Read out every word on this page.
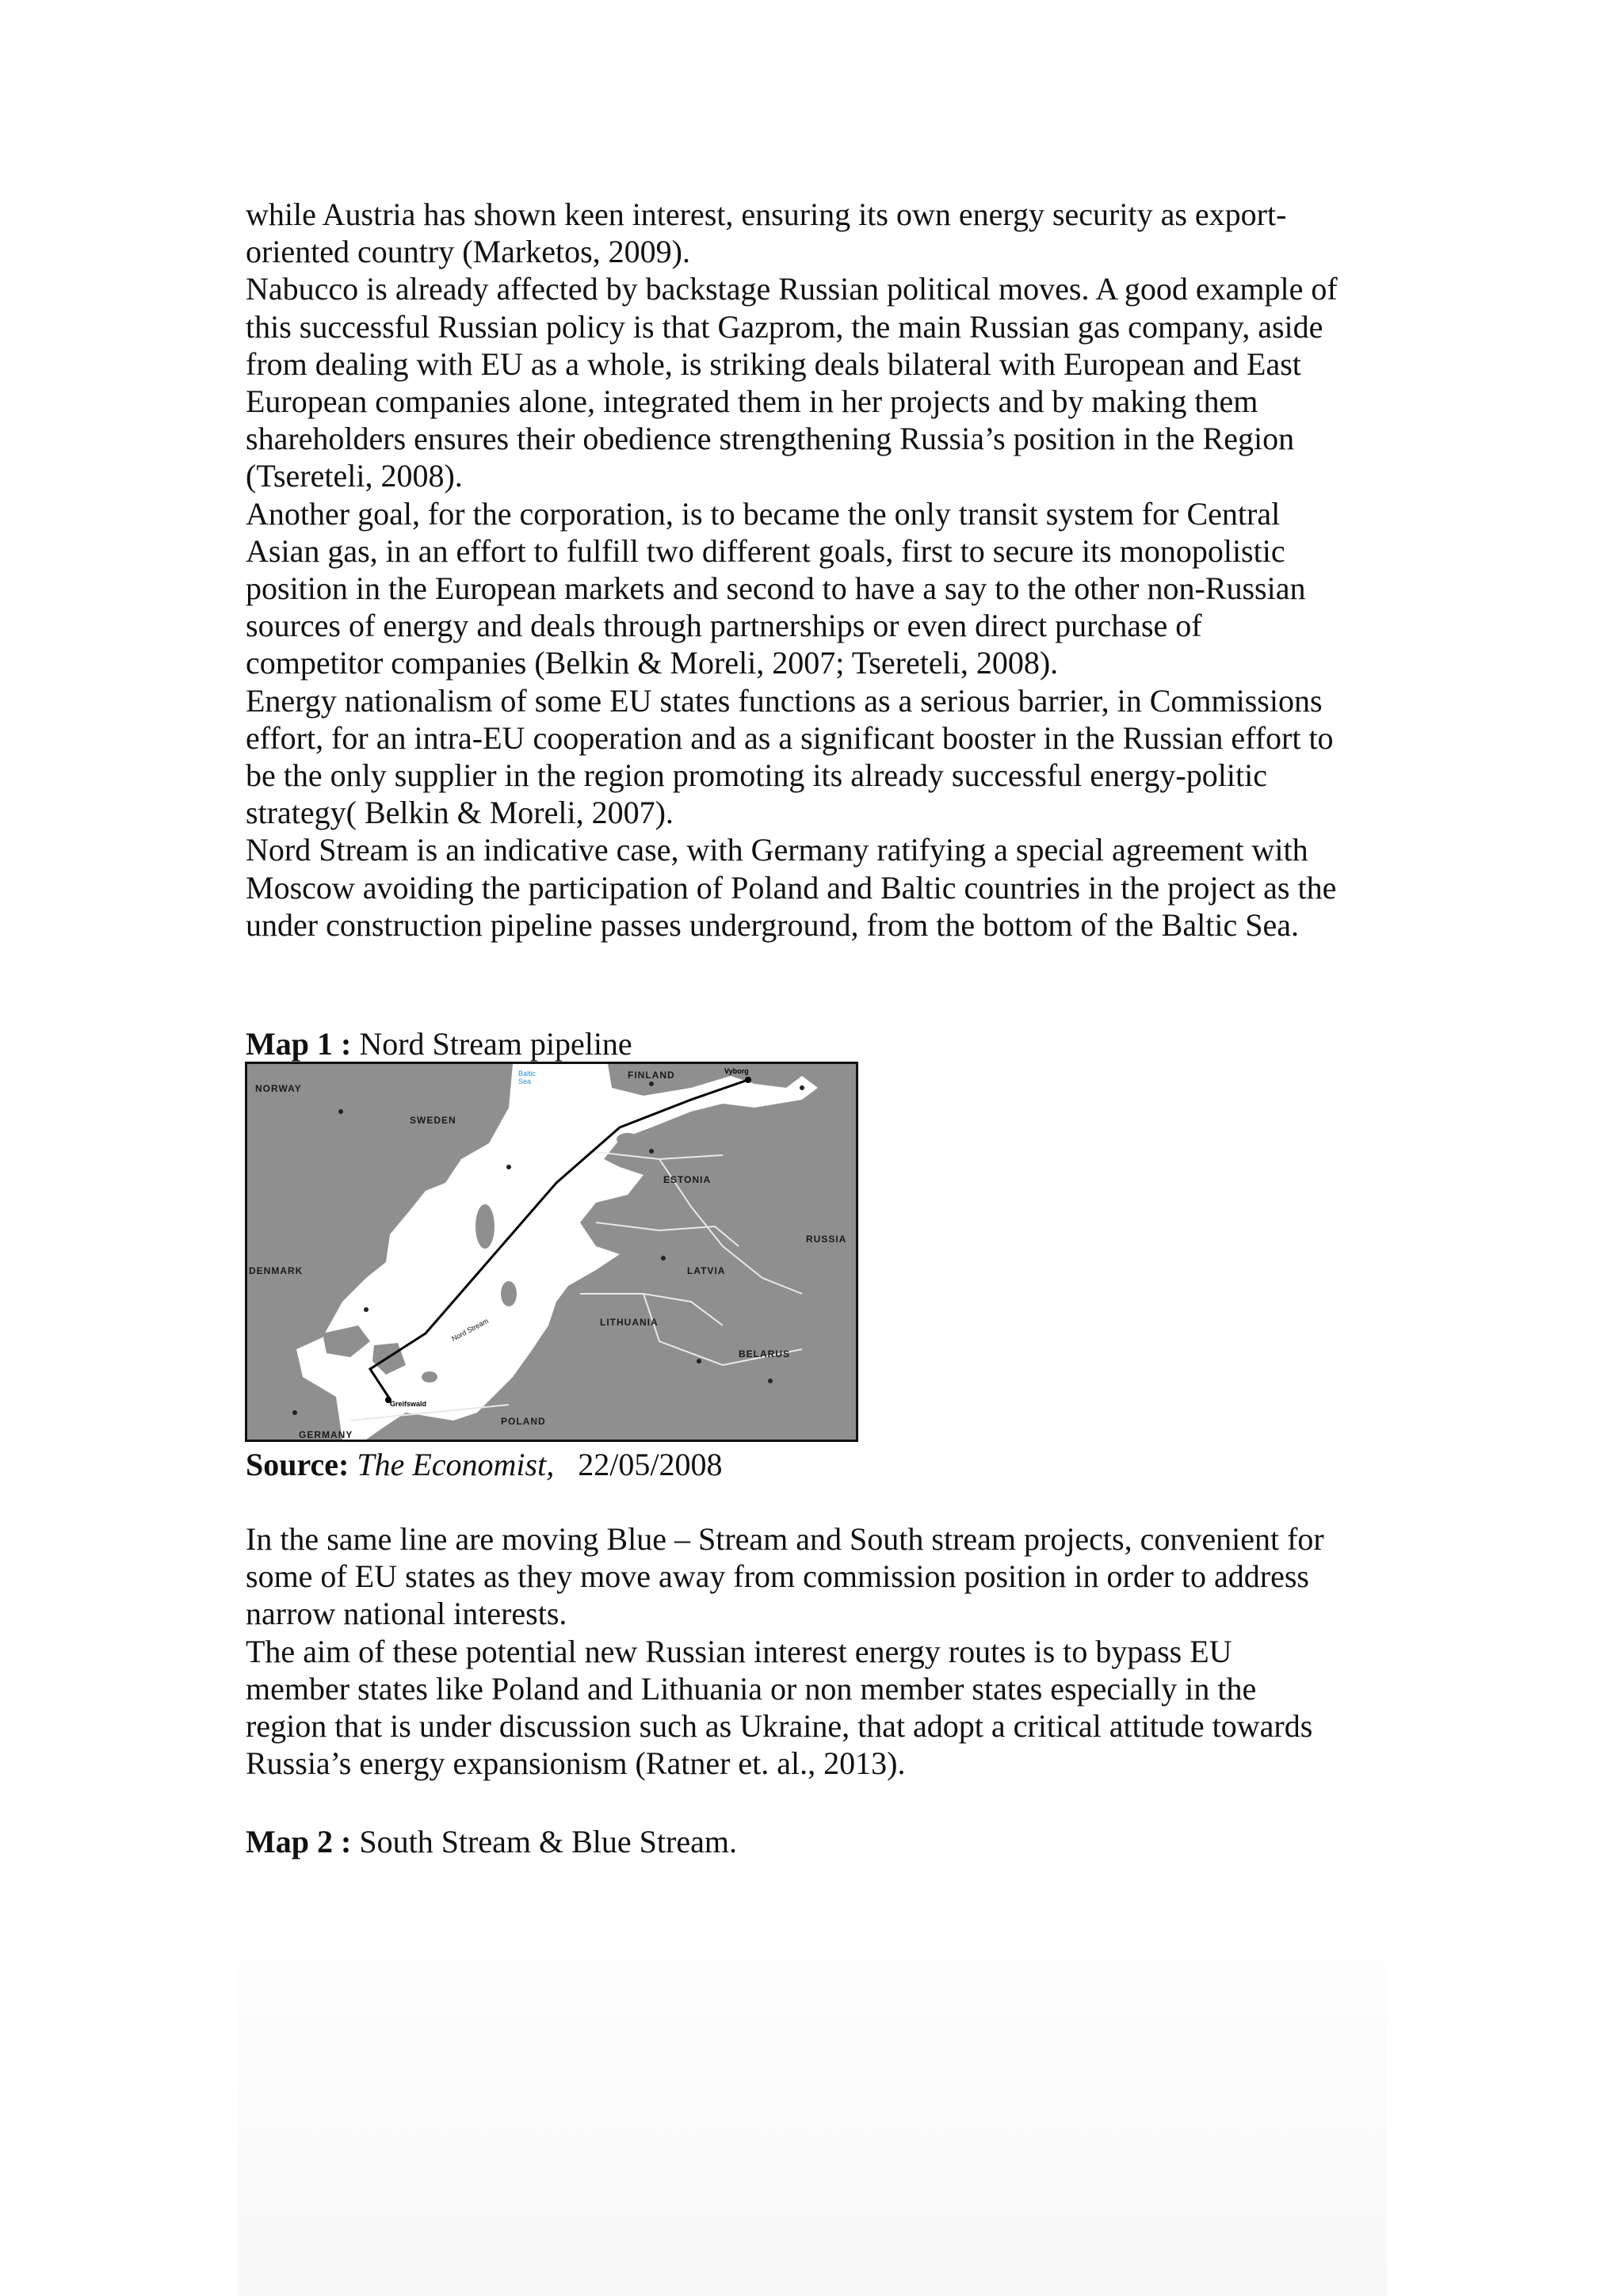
while Austria has shown keen interest, ensuring its own energy security as export-

oriented country (Marketos, 2009).

Nabucco is already affected by backstage Russian political moves. A good example of

this successful Russian policy is that Gazprom, the main Russian gas company, aside

from dealing with EU as a whole, is striking deals bilateral with European and East

European companies alone, integrated them in her projects and by making them

shareholders ensures their obedience strengthening Russia’s position in the Region

(Tsereteli, 2008).

Another goal, for the corporation, is to became the only transit system for Central

Asian gas, in an effort to fulfill two different goals, first to secure its monopolistic

position in the European markets and second to have a say to the other non-Russian

sources of energy and deals through partnerships or even direct purchase of

competitor companies (Belkin & Moreli, 2007; Tsereteli, 2008).

Energy nationalism of some EU states functions as a serious barrier, in Commissions

effort, for an intra-EU cooperation and as a significant booster in the Russian effort to

be the only supplier in the region promoting its already successful energy-politic

strategy( Belkin & Moreli, 2007).

Nord Stream is an indicative case, with Germany ratifying a special agreement with

Moscow avoiding the participation of Poland and Baltic countries in the project as the

under construction pipeline passes underground, from the bottom of the Baltic Sea.

Map 1 : Nord Stream pipeline

NORWAY
SWEDEN
FINLAND
ESTONIA
RUSSIA
LATVIA
LITHUANIA
BELARUS
DENMARK
GERMANY
POLAND
Baltic
Sea
Vyborg
Greifswald
Nord Stream

Source: The Economist, 22/05/2008

In the same line are moving Blue – Stream and South stream projects, convenient for

some of EU states as they move away from commission position in order to address

narrow national interests.

The aim of these potential new Russian interest energy routes is to bypass EU

member states like Poland and Lithuania or non member states especially in the

region that is under discussion such as Ukraine, that adopt a critical attitude towards

Russia’s energy expansionism (Ratner et. al., 2013).

Map 2 : South Stream & Blue Stream.
